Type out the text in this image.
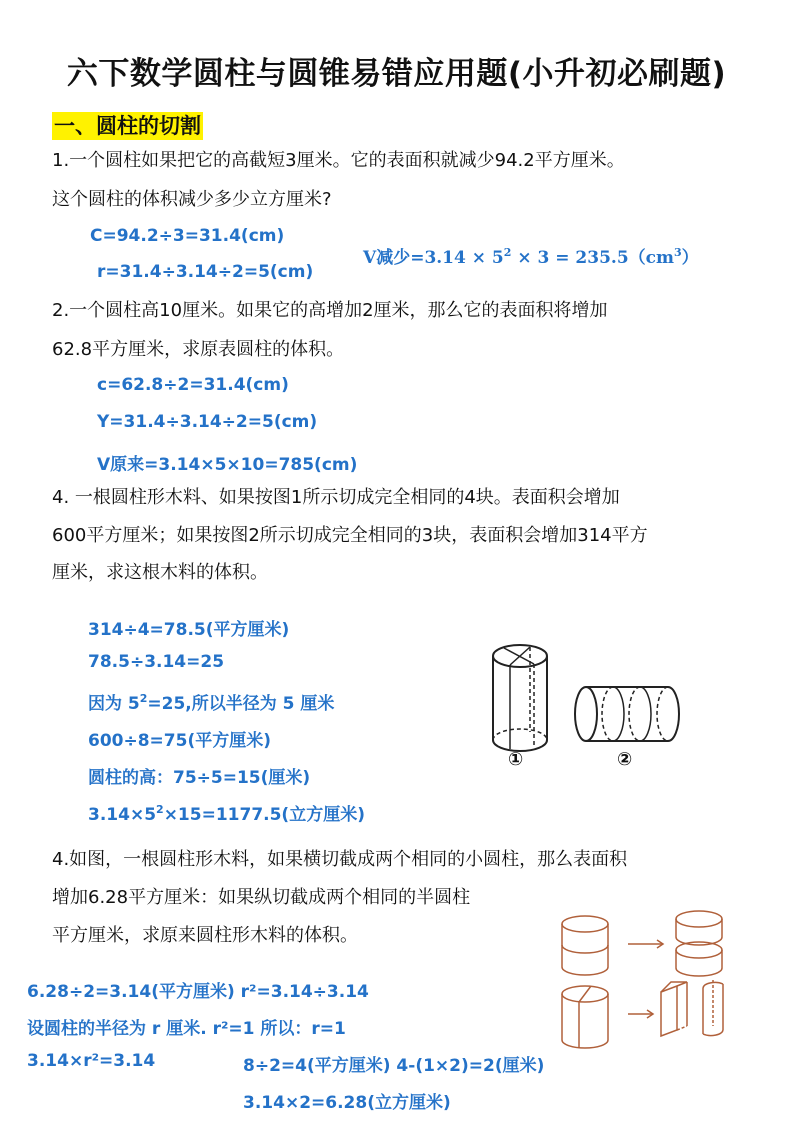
六下数学圆柱与圆锥易错应用题(小升初必刷题)
一、圆柱的切割
1.一个圆柱如果把它的高截短3厘米。它的表面积就减少94.2平方厘米。
这个圆柱的体积减少多少立方厘米?
C=94.2÷3=31.4(cm)
r=31.4÷3.14÷2=5(cm)
V减少$=3.14 \times 5^2 \times 3 = 235.5(cm^3)$
2.一个圆柱高10厘米。如果它的高增加2厘米，那么它的表面积将增加
62.8平方厘米，求原表圆柱的体积。
c=62.8÷2=31.4(cm)
Y=31.4÷3.14÷2=5(cm)
V原来=3.14×5×10=785(cm)
4. 一根圆柱形木料、如果按图1所示切成完全相同的4块。表面积会增加
600平方厘米；如果按图2所示切成完全相同的3块，表面积会增加314平方
厘米，求这根木料的体积。
314÷4=78.5(平方厘米)
78.5÷3.14=25
因为 $5^2=25$,所以半径为 5 厘米
600÷8=75(平方厘米)
圆柱的高：75÷5=15(厘米)
$3.14\times 5^2\times 15=1177.5$(立方厘米)
①	②
4.如图，一根圆柱形木料，如果横切截成两个相同的小圆柱，那么表面积
增加6.28平方厘米：如果纵切截成两个相同的半圆柱
平方厘米，求原来圆柱形木料的体积。
6.28÷2=3.14(平方厘米) r²=3.14÷3.14
设圆柱的半径为 r 厘米. r²=1 所以：r=1
3.14×r²=3.14	8÷2=4(平方厘米) 4-(1×2)=2(厘米)
3.14×2=6.28(立方厘米)
